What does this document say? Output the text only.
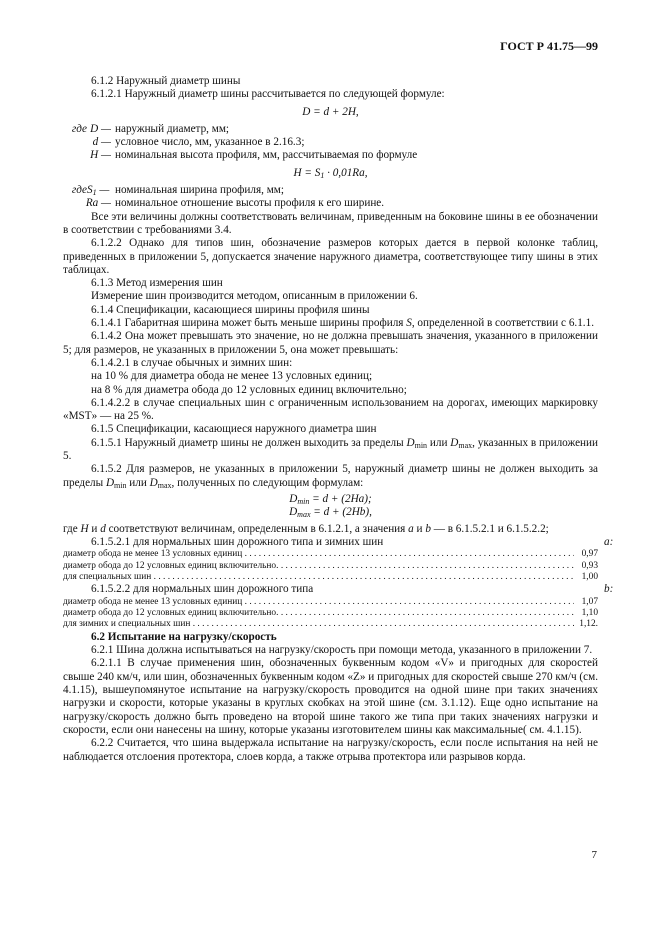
ГОСТ Р 41.75—99
6.1.2 Наружный диаметр шины
6.1.2.1 Наружный диаметр шины рассчитывается по следующей формуле:
D = d + 2H,
где D — наружный диаметр, мм;
d — условное число, мм, указанное в 2.16.3;
H — номинальная высота профиля, мм, рассчитываемая по формуле
$H = S_1 \cdot 0,01Ra$,
где $S_1$ — номинальная ширина профиля, мм;
Ra — номинальное отношение высоты профиля к его ширине.
Все эти величины должны соответствовать величинам, приведенным на боковине шины в ее обозначении в соответствии с требованиями 3.4.
6.1.2.2 Однако для типов шин, обозначение размеров которых дается в первой колонке таблиц, приведенных в приложении 5, допускается значение наружного диаметра, соответствующее типу шины в этих таблицах.
6.1.3 Метод измерения шин
Измерение шин производится методом, описанным в приложении 6.
6.1.4 Спецификации, касающиеся ширины профиля шины
6.1.4.1 Габаритная ширина может быть меньше ширины профиля S, определенной в соответствии с 6.1.1.
6.1.4.2 Она может превышать это значение, но не должна превышать значения, указанного в приложении 5; для размеров, не указанных в приложении 5, она может превышать:
6.1.4.2.1 в случае обычных и зимних шин:
на 10 % для диаметра обода не менее 13 условных единиц;
на 8 % для диаметра обода до 12 условных единиц включительно;
6.1.4.2.2 в случае специальных шин с ограниченным использованием на дорогах, имеющих маркировку «MST» — на 25 %.
6.1.5 Спецификации, касающиеся наружного диаметра шин
6.1.5.1 Наружный диаметр шины не должен выходить за пределы $D_{min}$ или $D_{max}$, указанных в приложении 5.
6.1.5.2 Для размеров, не указанных в приложении 5, наружный диаметр шины не должен выходить за пределы $D_{min}$ или $D_{max}$, полученных по следующим формулам:
$D_{min} = d + (2Ha)$;
$D_{max} = d + (2Hb)$,
где H и d соответствуют величинам, определенным в 6.1.2.1, а значения a и b — в 6.1.5.2.1 и 6.1.5.2.2;
6.1.5.2.1 для нормальных шин дорожного типа и зимних шин	a:
диаметр обода не менее 13 условных единиц . . .	0,97
диаметр обода до 12 условных единиц включительно. . . .	0,93
для специальных шин . . .	1,00
6.1.5.2.2 для нормальных шин дорожного типа	b:
диаметр обода не менее 13 условных единиц . . .	1,07
диаметр обода до 12 условных единиц включительно. . . .	1,10
для зимних и специальных шин . . .	1,12.
6.2 Испытание на нагрузку/скорость
6.2.1 Шина должна испытываться на нагрузку/скорость при помощи метода, указанного в приложении 7.
6.2.1.1 В случае применения шин, обозначенных буквенным кодом «V» и пригодных для скоростей свыше 240 км/ч, или шин, обозначенных буквенным кодом «Z» и пригодных для скоростей свыше 270 км/ч (см. 4.1.15), вышеупомянутое испытание на нагрузку/скорость проводится на одной шине при таких значениях нагрузки и скорости, которые указаны в круглых скобках на этой шине (см. 3.1.12). Еще одно испытание на нагрузку/скорость должно быть проведено на второй шине такого же типа при таких значениях нагрузки и скорости, если они нанесены на шину, которые указаны изготовителем шины как максимальные( см. 4.1.15).
6.2.2 Считается, что шина выдержала испытание на нагрузку/скорость, если после испытания на ней не наблюдается отслоения протектора, слоев корда, а также отрыва протектора или разрывов корда.
7
